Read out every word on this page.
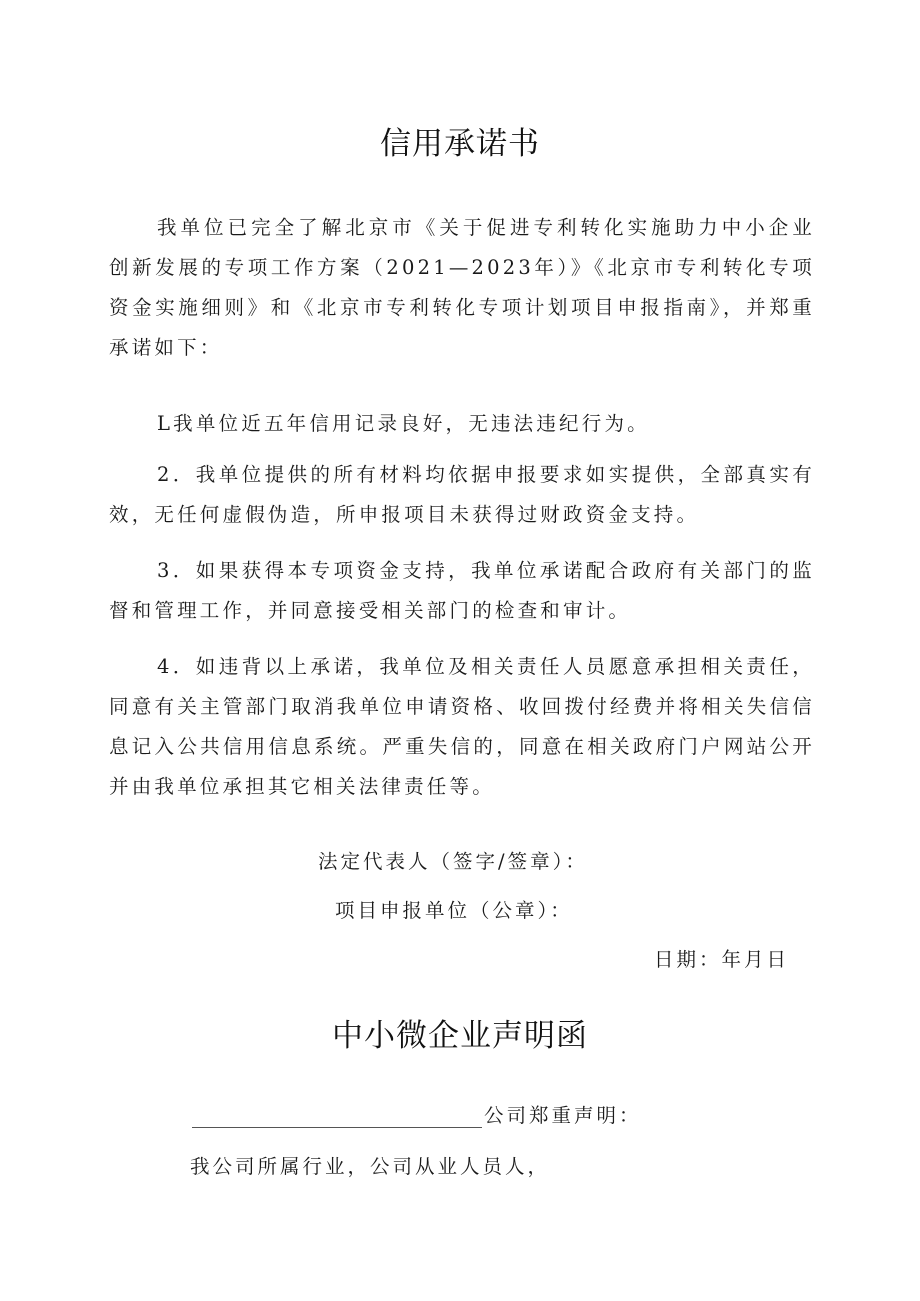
信用承诺书

我单位已完全了解北京市《关于促进专利转化实施助力中小企业创新发展的专项工作方案（2021—2023年）》《北京市专利转化专项资金实施细则》和《北京市专利转化专项计划项目申报指南》，并郑重承诺如下：

L我单位近五年信用记录良好，无违法违纪行为。

2．我单位提供的所有材料均依据申报要求如实提供，全部真实有效，无任何虚假伪造，所申报项目未获得过财政资金支持。

3．如果获得本专项资金支持，我单位承诺配合政府有关部门的监督和管理工作，并同意接受相关部门的检查和审计。

4．如违背以上承诺，我单位及相关责任人员愿意承担相关责任，同意有关主管部门取消我单位申请资格、收回拨付经费并将相关失信信息记入公共信用信息系统。严重失信的，同意在相关政府门户网站公开并由我单位承担其它相关法律责任等。

法定代表人（签字/签章）：
项目申报单位（公章）：
日期：年月日
中小微企业声明函
公司郑重声明：
我公司所属行业，公司从业人员人，
